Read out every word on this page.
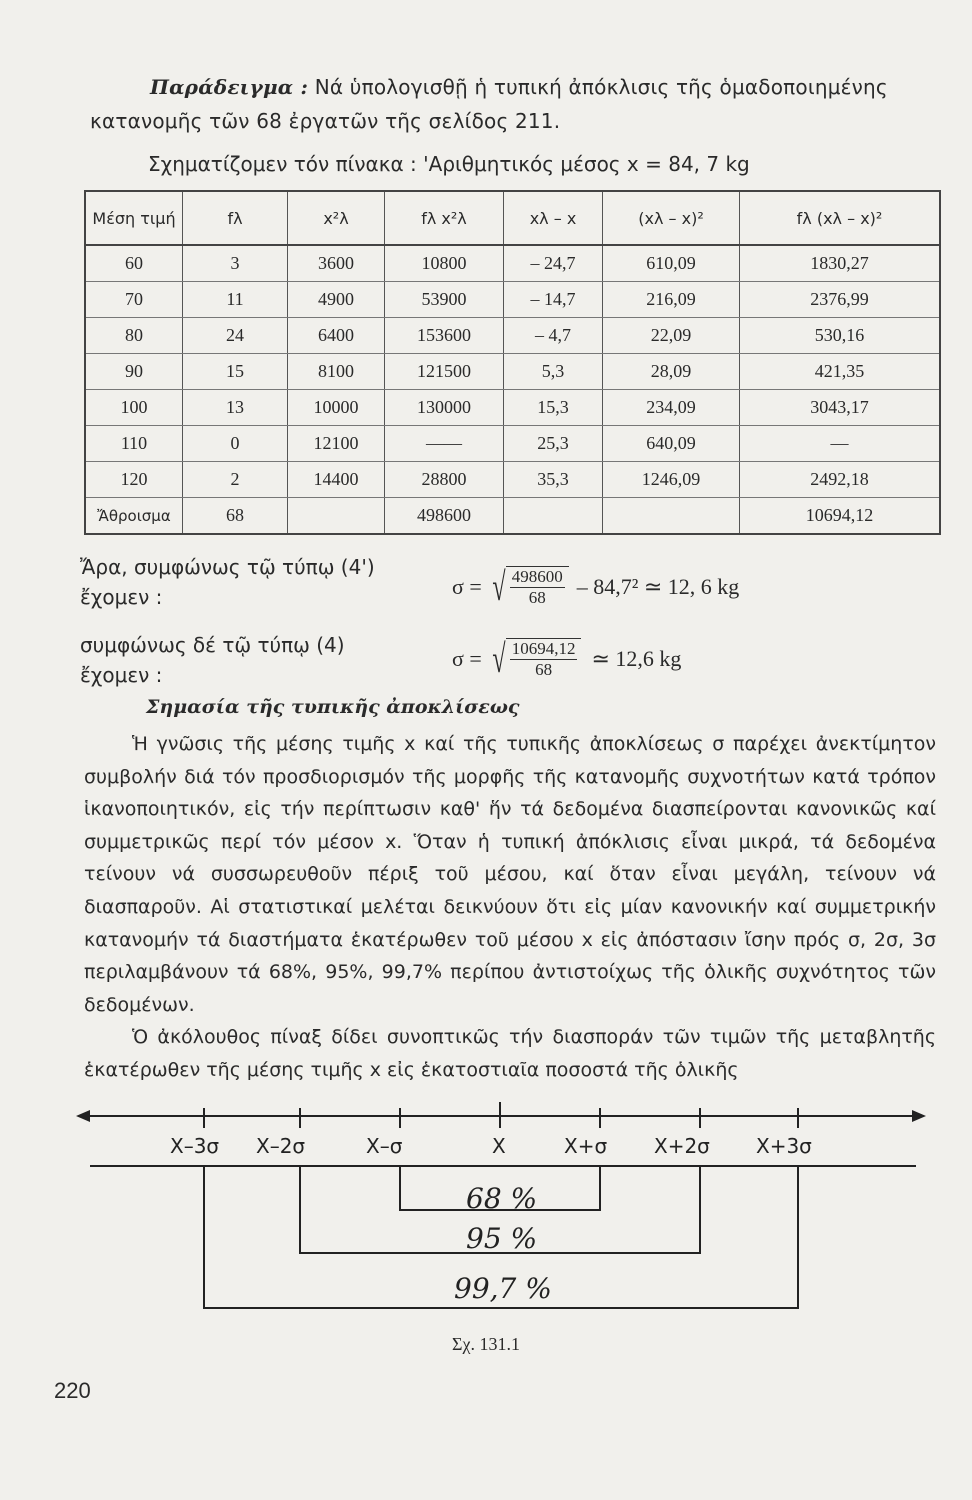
Παράδειγμα : Νά ὑπολογισθῇ ἡ τυπική ἀπόκλισις τῆς ὁμαδοποιημένης

κατανομῆς τῶν 68 ἐργατῶν τῆς σελίδος 211.

Σχηματίζομεν τόν πίνακα : 'Αριθμητικός μέσος x = 84, 7 kg
Μέση τιμή	fλ	x²λ	fλ x²λ	xλ – x	(xλ – x)²	fλ (xλ – x)²
60	3	3600	10800	– 24,7	610,09	1830,27
70	11	4900	53900	– 14,7	216,09	2376,99
80	24	6400	153600	– 4,7	22,09	530,16
90	15	8100	121500	5,3	28,09	421,35
100	13	10000	130000	15,3	234,09	3043,17
110	0	12100	——	25,3	640,09	—
120	2	14400	28800	35,3	1246,09	2492,18
Ἄθροισμα	68		498600			10694,12

Ἄρα, συμφώνως τῷ τύπῳ (4')

ἔχομεν :	σ = √ $\frac{498600}{68} - 84,7^2$ ≃ 12, 6 kg

συμφώνως δέ τῷ τύπῳ (4)

ἔχομεν :

σ = √ $\frac{10694,12}{68}$ ≃ 12,6 kg
Σημασία τῆς τυπικῆς ἀποκλίσεως

Ἡ γνῶσις τῆς μέσης τιμῆς x καί τῆς τυπικῆς ἀποκλίσεως σ παρέχει ἀνεκτίμητον συμβολήν διά τόν προσδιορισμόν τῆς μορφῆς τῆς κατανομῆς συχνοτήτων κατά τρόπον ἱκανοποιητικόν, εἰς τήν περίπτωσιν καθ' ἥν τά δεδομένα διασπείρονται κανονικῶς καί συμμετρικῶς περί τόν μέσον x. Ὅταν ἡ τυπική ἀπόκλισις εἶναι μικρά, τά δεδομένα τείνουν νά συσσωρευθοῦν πέριξ τοῦ μέσου, καί ὅταν εἶναι μεγάλη, τείνουν νά διασπαροῦν. Αἱ στατιστικαί μελέται δεικνύουν ὅτι εἰς μίαν κανονικήν καί συμμετρικήν κατανομήν τά διαστήματα ἑκατέρωθεν τοῦ μέσου x εἰς ἀπόστασιν ἴσην πρός σ, 2σ, 3σ περιλαμβάνουν τά 68%, 95%, 99,7% περίπου ἀντιστοίχως τῆς ὁλικῆς συχνότητος τῶν δεδομένων.

Ὁ ἀκόλουθος πίναξ δίδει συνοπτικῶς τήν διασποράν τῶν τιμῶν τῆς μεταβλητῆς ἑκατέρωθεν τῆς μέσης τιμῆς x εἰς ἑκατοστιαῖα ποσοστά τῆς ὁλικῆς

X–3σ X–2σ	X–σ	X	X+σ X+2σ X+3σ
68 %
95 %
99,7 %
Σχ. 131.1
220
